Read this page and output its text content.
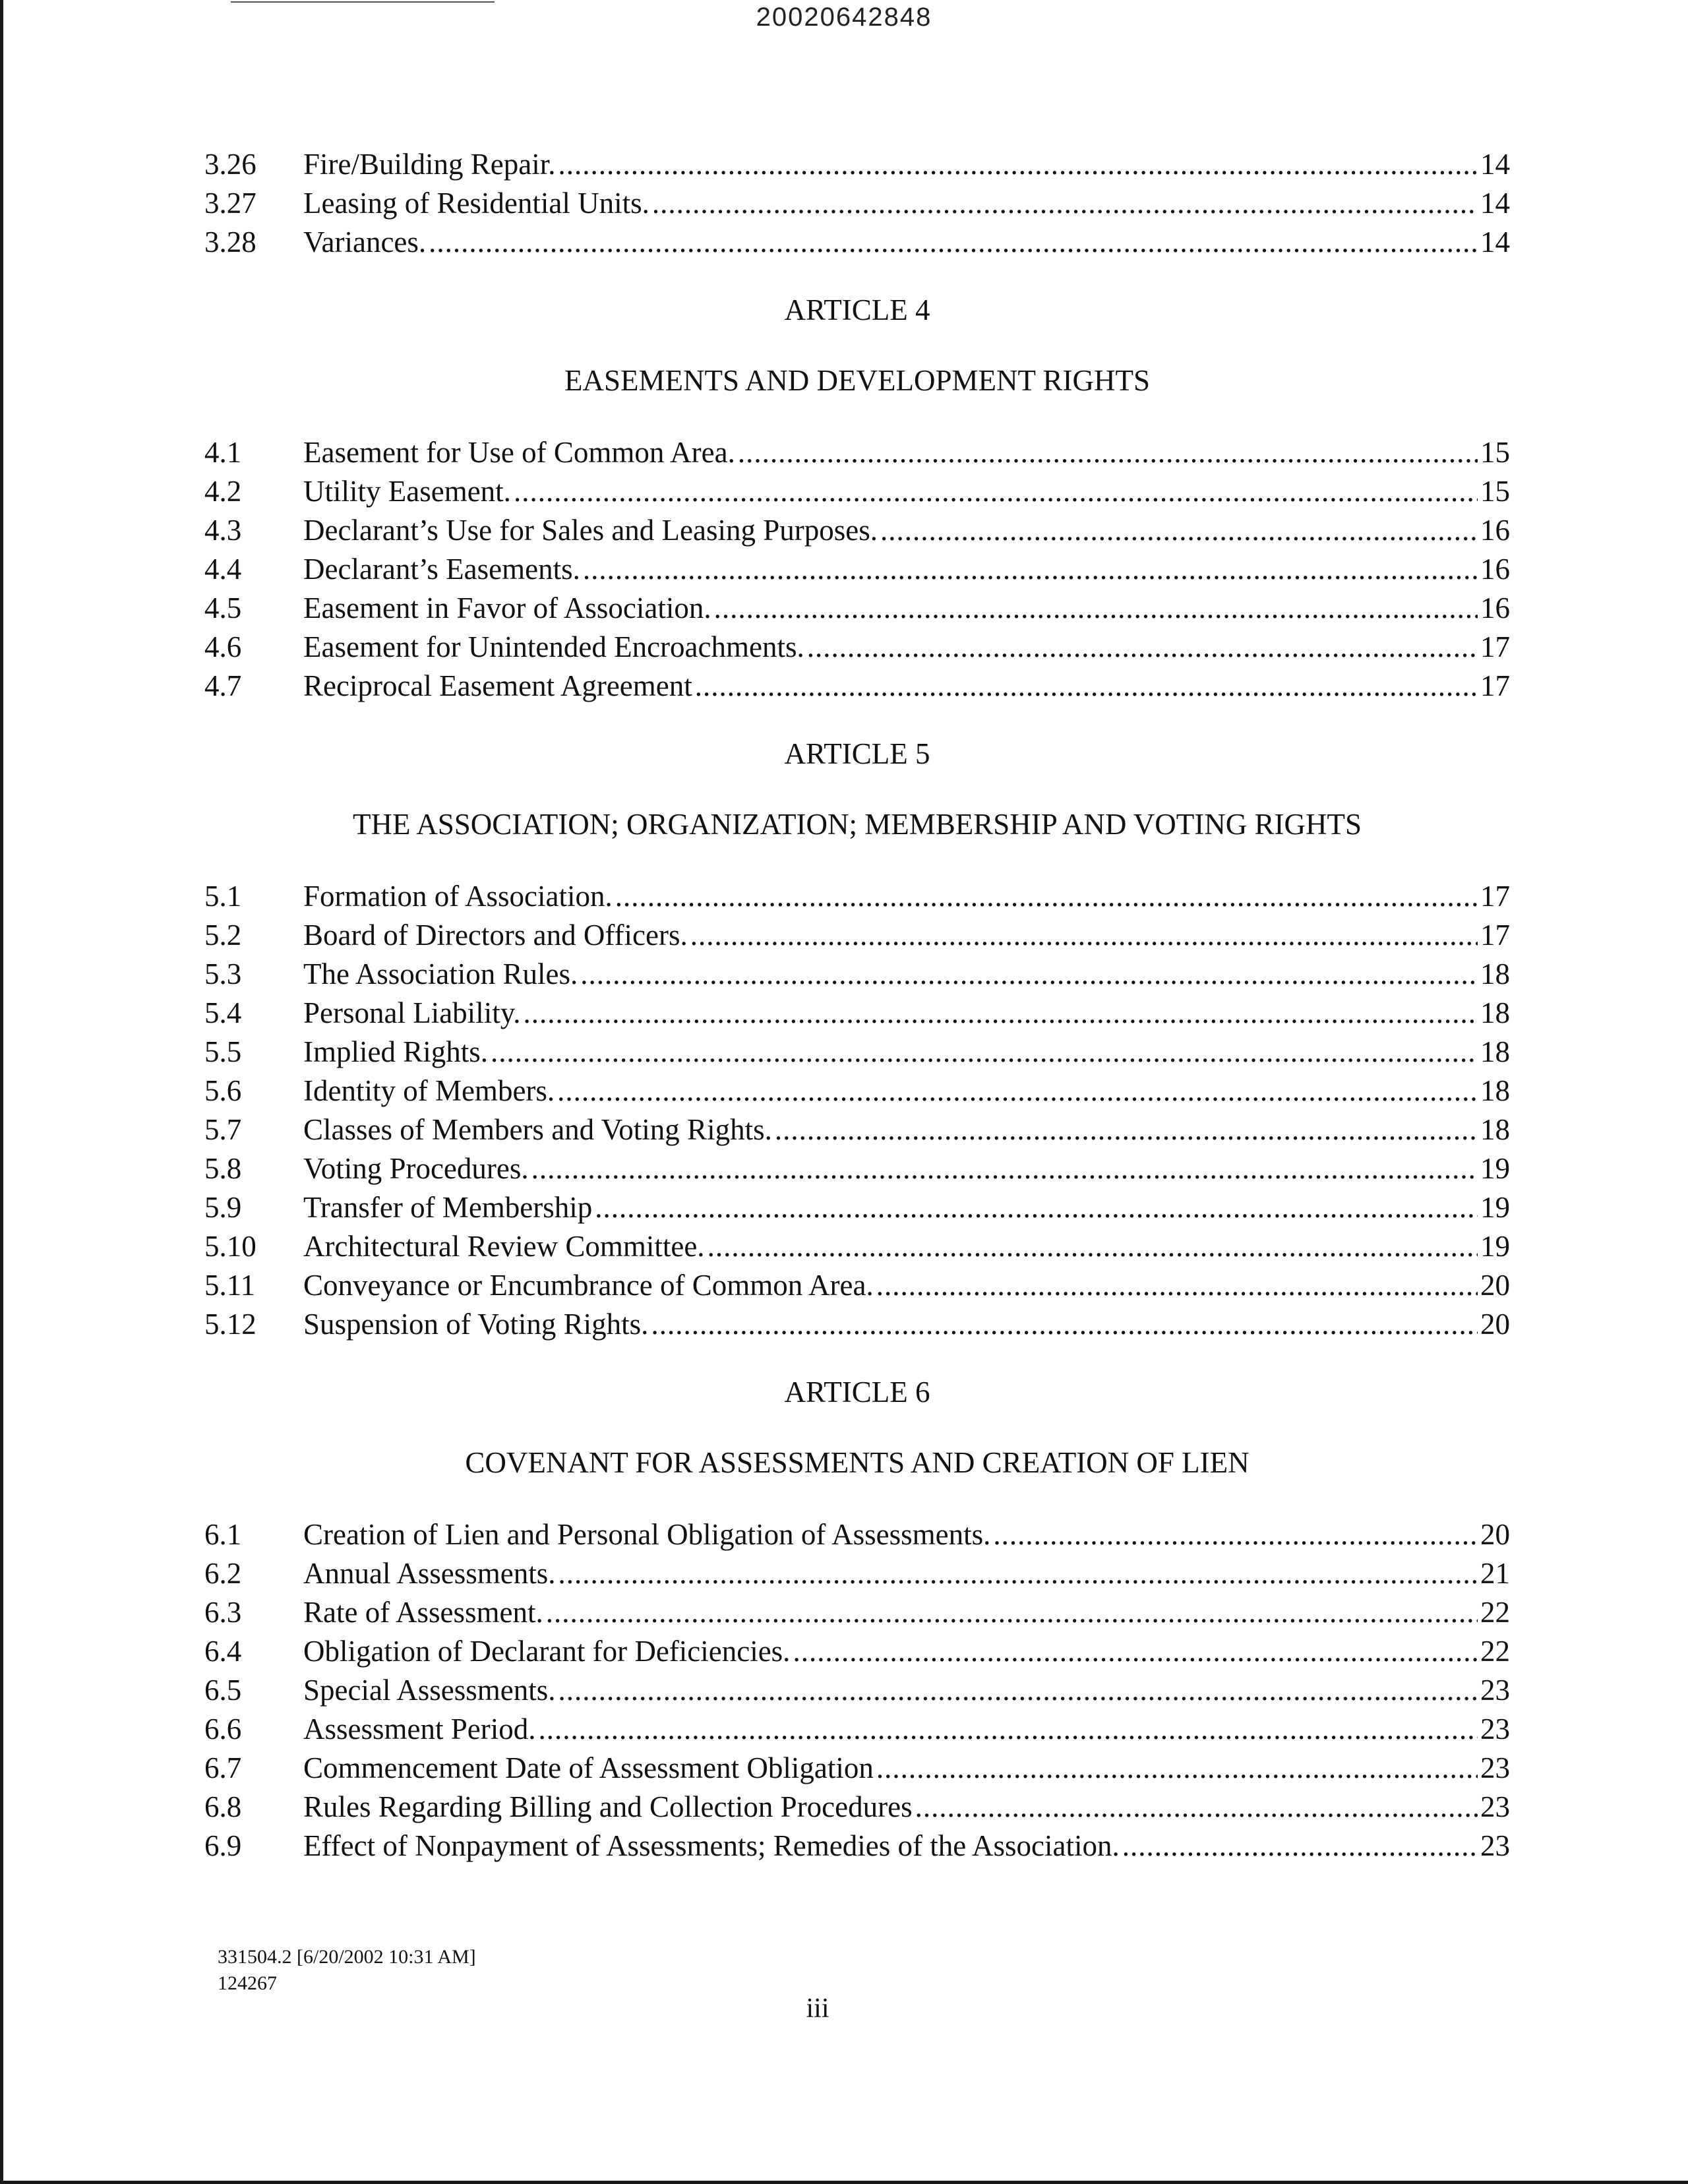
20020642848
3.26	Fire/Building Repair. .....	14
3.27	Leasing of Residential Units. .....	14
3.28	Variances. .....	14
ARTICLE 4
EASEMENTS AND DEVELOPMENT RIGHTS
4.1	Easement for Use of Common Area. .....	15
4.2	Utility Easement. .....	15
4.3	Declarant’s Use for Sales and Leasing Purposes. .....	16
4.4	Declarant’s Easements. .....	16
4.5	Easement in Favor of Association. .....	16
4.6	Easement for Unintended Encroachments. .....	17
4.7	Reciprocal Easement Agreement .....	17
ARTICLE 5
THE ASSOCIATION; ORGANIZATION; MEMBERSHIP AND VOTING RIGHTS
5.1	Formation of Association. .....	17
5.2	Board of Directors and Officers. .....	17
5.3	The Association Rules. .....	18
5.4	Personal Liability. .....	18
5.5	Implied Rights. .....	18
5.6	Identity of Members. .....	18
5.7	Classes of Members and Voting Rights. .....	18
5.8	Voting Procedures. .....	19
5.9	Transfer of Membership .....	19
5.10	Architectural Review Committee. .....	19
5.11	Conveyance or Encumbrance of Common Area. .....	20
5.12	Suspension of Voting Rights. .....	20
ARTICLE 6
COVENANT FOR ASSESSMENTS AND CREATION OF LIEN
6.1	Creation of Lien and Personal Obligation of Assessments. .....	20
6.2	Annual Assessments. .....	21
6.3	Rate of Assessment. .....	22
6.4	Obligation of Declarant for Deficiencies. .....	22
6.5	Special Assessments. .....	23
6.6	Assessment Period. .....	23
6.7	Commencement Date of Assessment Obligation .....	23
6.8	Rules Regarding Billing and Collection Procedures .....	23
6.9	Effect of Nonpayment of Assessments; Remedies of the Association. .....	23
331504.2 [6/20/2002 10:31 AM]
124267
iii
